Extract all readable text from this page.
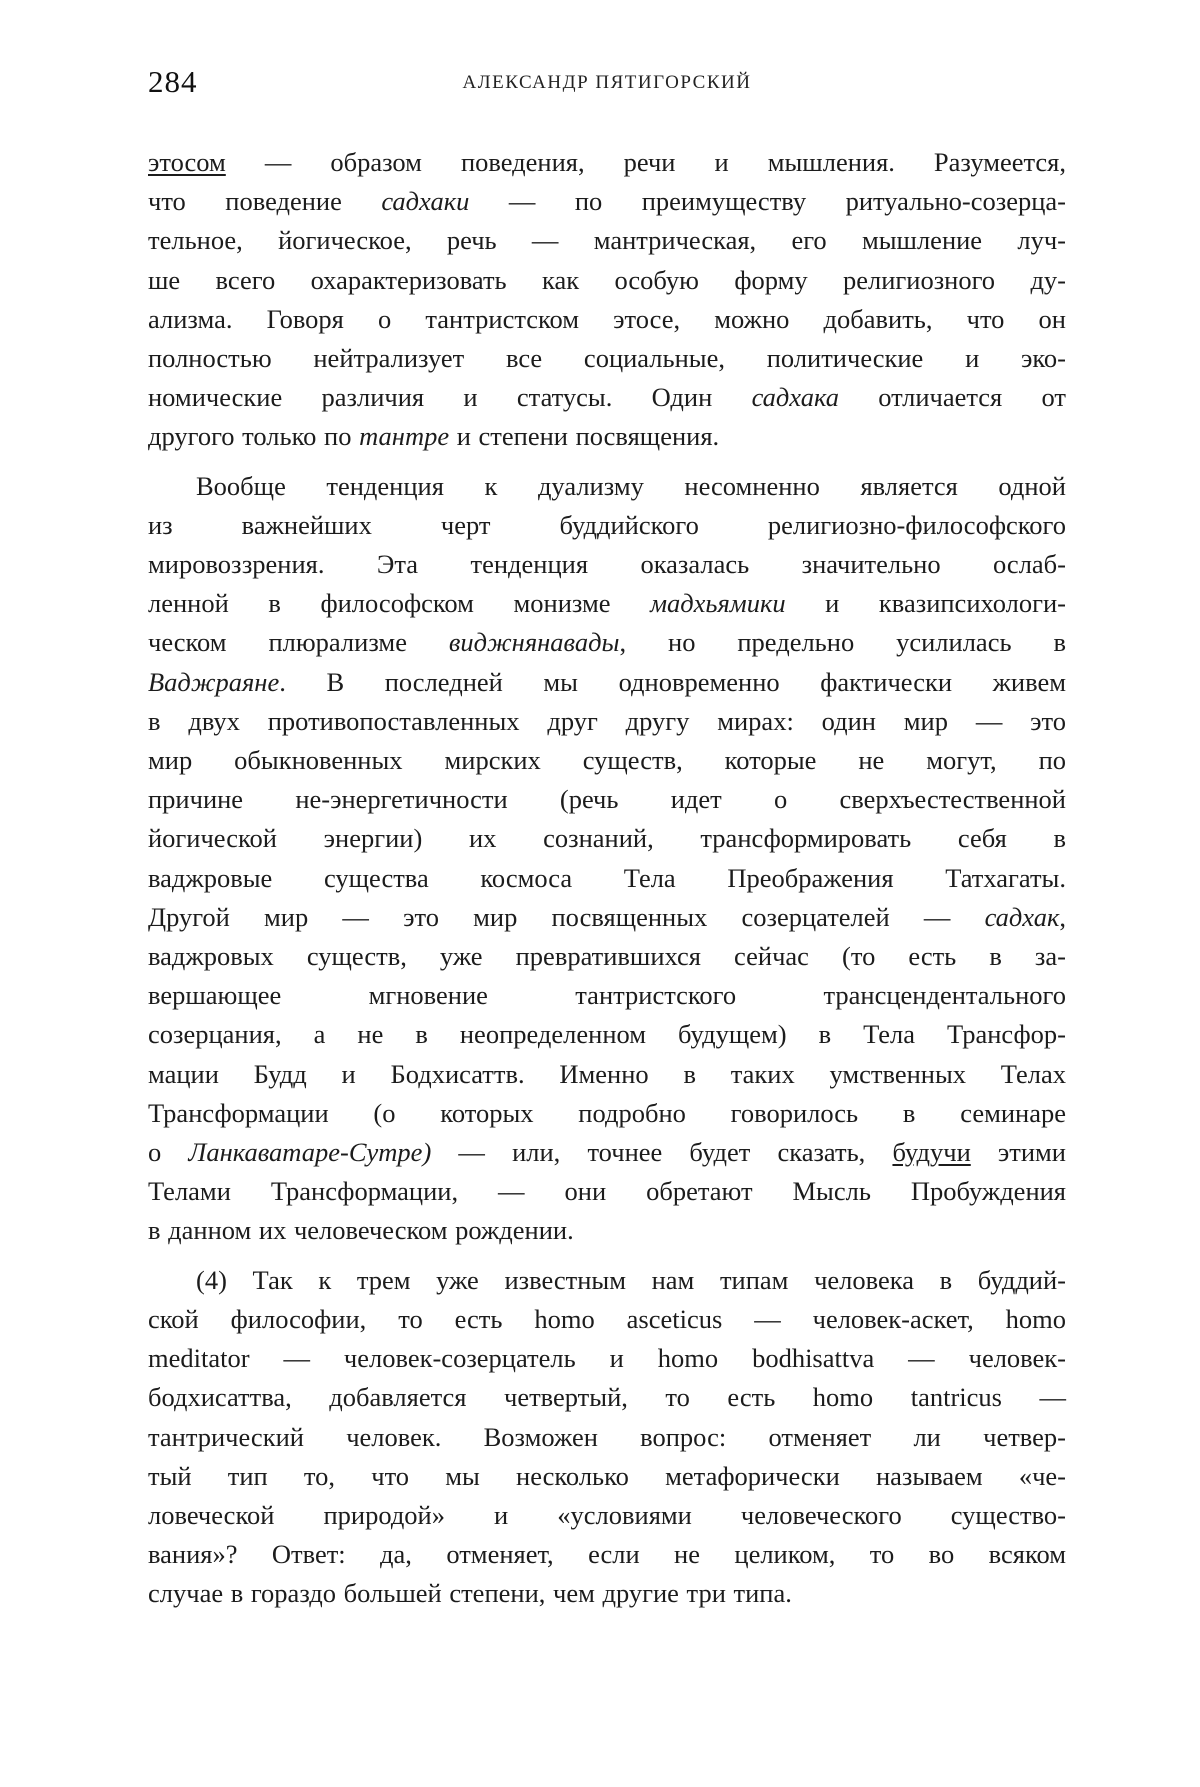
284	АЛЕКСАНДР ПЯТИГОРСКИЙ
этосом — образом поведения, речи и мышления. Разумеется,
что поведение садхаки — по преимуществу ритуально-созерца-
тельное, йогическое, речь — мантрическая, его мышление луч-
ше всего охарактеризовать как особую форму религиозного ду-
ализма. Говоря о тантристском этосе, можно добавить, что он
полностью нейтрализует все социальные, политические и эко-
номические различия и статусы. Один садхака отличается от
другого только по тантре и степени посвящения.
Вообще тенденция к дуализму несомненно является одной
из важнейших черт буддийского религиозно-философского
мировоззрения. Эта тенденция оказалась значительно ослаб-
ленной в философском монизме мадхьямики и квазипсихологи-
ческом плюрализме виджнянавады, но предельно усилилась в
Ваджраяне. В последней мы одновременно фактически живем
в двух противопоставленных друг другу мирах: один мир — это
мир обыкновенных мирских существ, которые не могут, по
причине не-энергетичности (речь идет о сверхъестественной
йогической энергии) их сознаний, трансформировать себя в
ваджровые существа космоса Тела Преображения Татхагаты.
Другой мир — это мир посвященных созерцателей — садхак,
ваджровых существ, уже превратившихся сейчас (то есть в за-
вершающее мгновение тантристского трансцендентального
созерцания, а не в неопределенном будущем) в Тела Трансфор-
мации Будд и Бодхисаттв. Именно в таких умственных Телах
Трансформации (о которых подробно говорилось в семинаре
о Ланкаватаре-Сутре) — или, точнее будет сказать, будучи этими
Телами Трансформации, — они обретают Мысль Пробуждения
в данном их человеческом рождении.
(4) Так к трем уже известным нам типам человека в буддий-
ской философии, то есть homo asceticus — человек-аскет, homo
meditator — человек-созерцатель и homo bodhisattva — человек-
бодхисаттва, добавляется четвертый, то есть homo tantricus —
тантрический человек. Возможен вопрос: отменяет ли четвер-
тый тип то, что мы несколько метафорически называем «че-
ловеческой природой» и «условиями человеческого существо-
вания»? Ответ: да, отменяет, если не целиком, то во всяком
случае в гораздо большей степени, чем другие три типа.
